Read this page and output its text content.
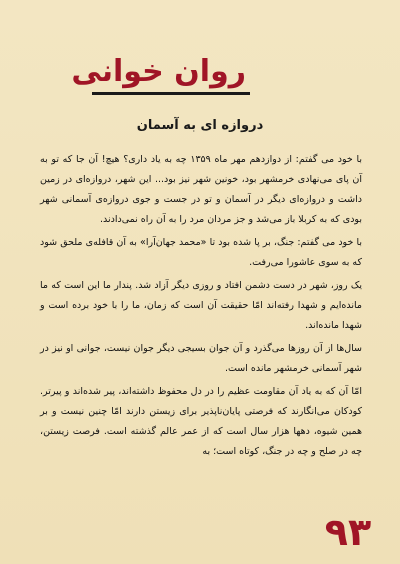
روان خوانی
دروازه ای به آسمان

با خود می گفتم: از دوازدهم مهر ماه ۱۳۵۹ چه به یاد داری؟ هیچ! آن جا که تو به آن پای می‌نهادی خرمشهر بود، خونین شهر نیز بود... این شهر، دروازه‌ای در زمین داشت و دروازه‌ای دیگر در آسمان و تو در جست و جوی دروازه‌ی آسمانی شهر بودی که به کربلا باز می‌شد و جز مردان مرد را به آن راه نمی‌دادند.

با خود می گفتم: جنگ، بر پا شده بود تا «محمد جهان‌آرا» به آن قافله‌ی ملحق شود که به سوی عاشورا می‌رفت.

یک روز، شهر در دست دشمن افتاد و روزی دیگر آزاد شد. پندار ما این است که ما مانده‌ایم و شهدا رفته‌اند امّا حقیقت آن است که زمان، ما را با خود برده است و شهدا مانده‌اند.

سال‌ها از آن روزها می‌گذرد و آن جوان بسیجی دیگر جوان نیست، جوانی او نیز در شهر آسمانی خرمشهر مانده است.

امّا آن که به یاد آن مقاومت عظیم را در دل محفوظ داشته‌اند، پیر شده‌اند و پیرتر. کودکان می‌انگارند که فرصتی پایان‌ناپذیر برای زیستن دارند امّا چنین نیست و بر همین شیوه، دهها هزار سال است که از عمر عالم گذشته است. فرصت زیستن، چه در صلح و چه در جنگ، کوتاه است؛ به

۹۳
